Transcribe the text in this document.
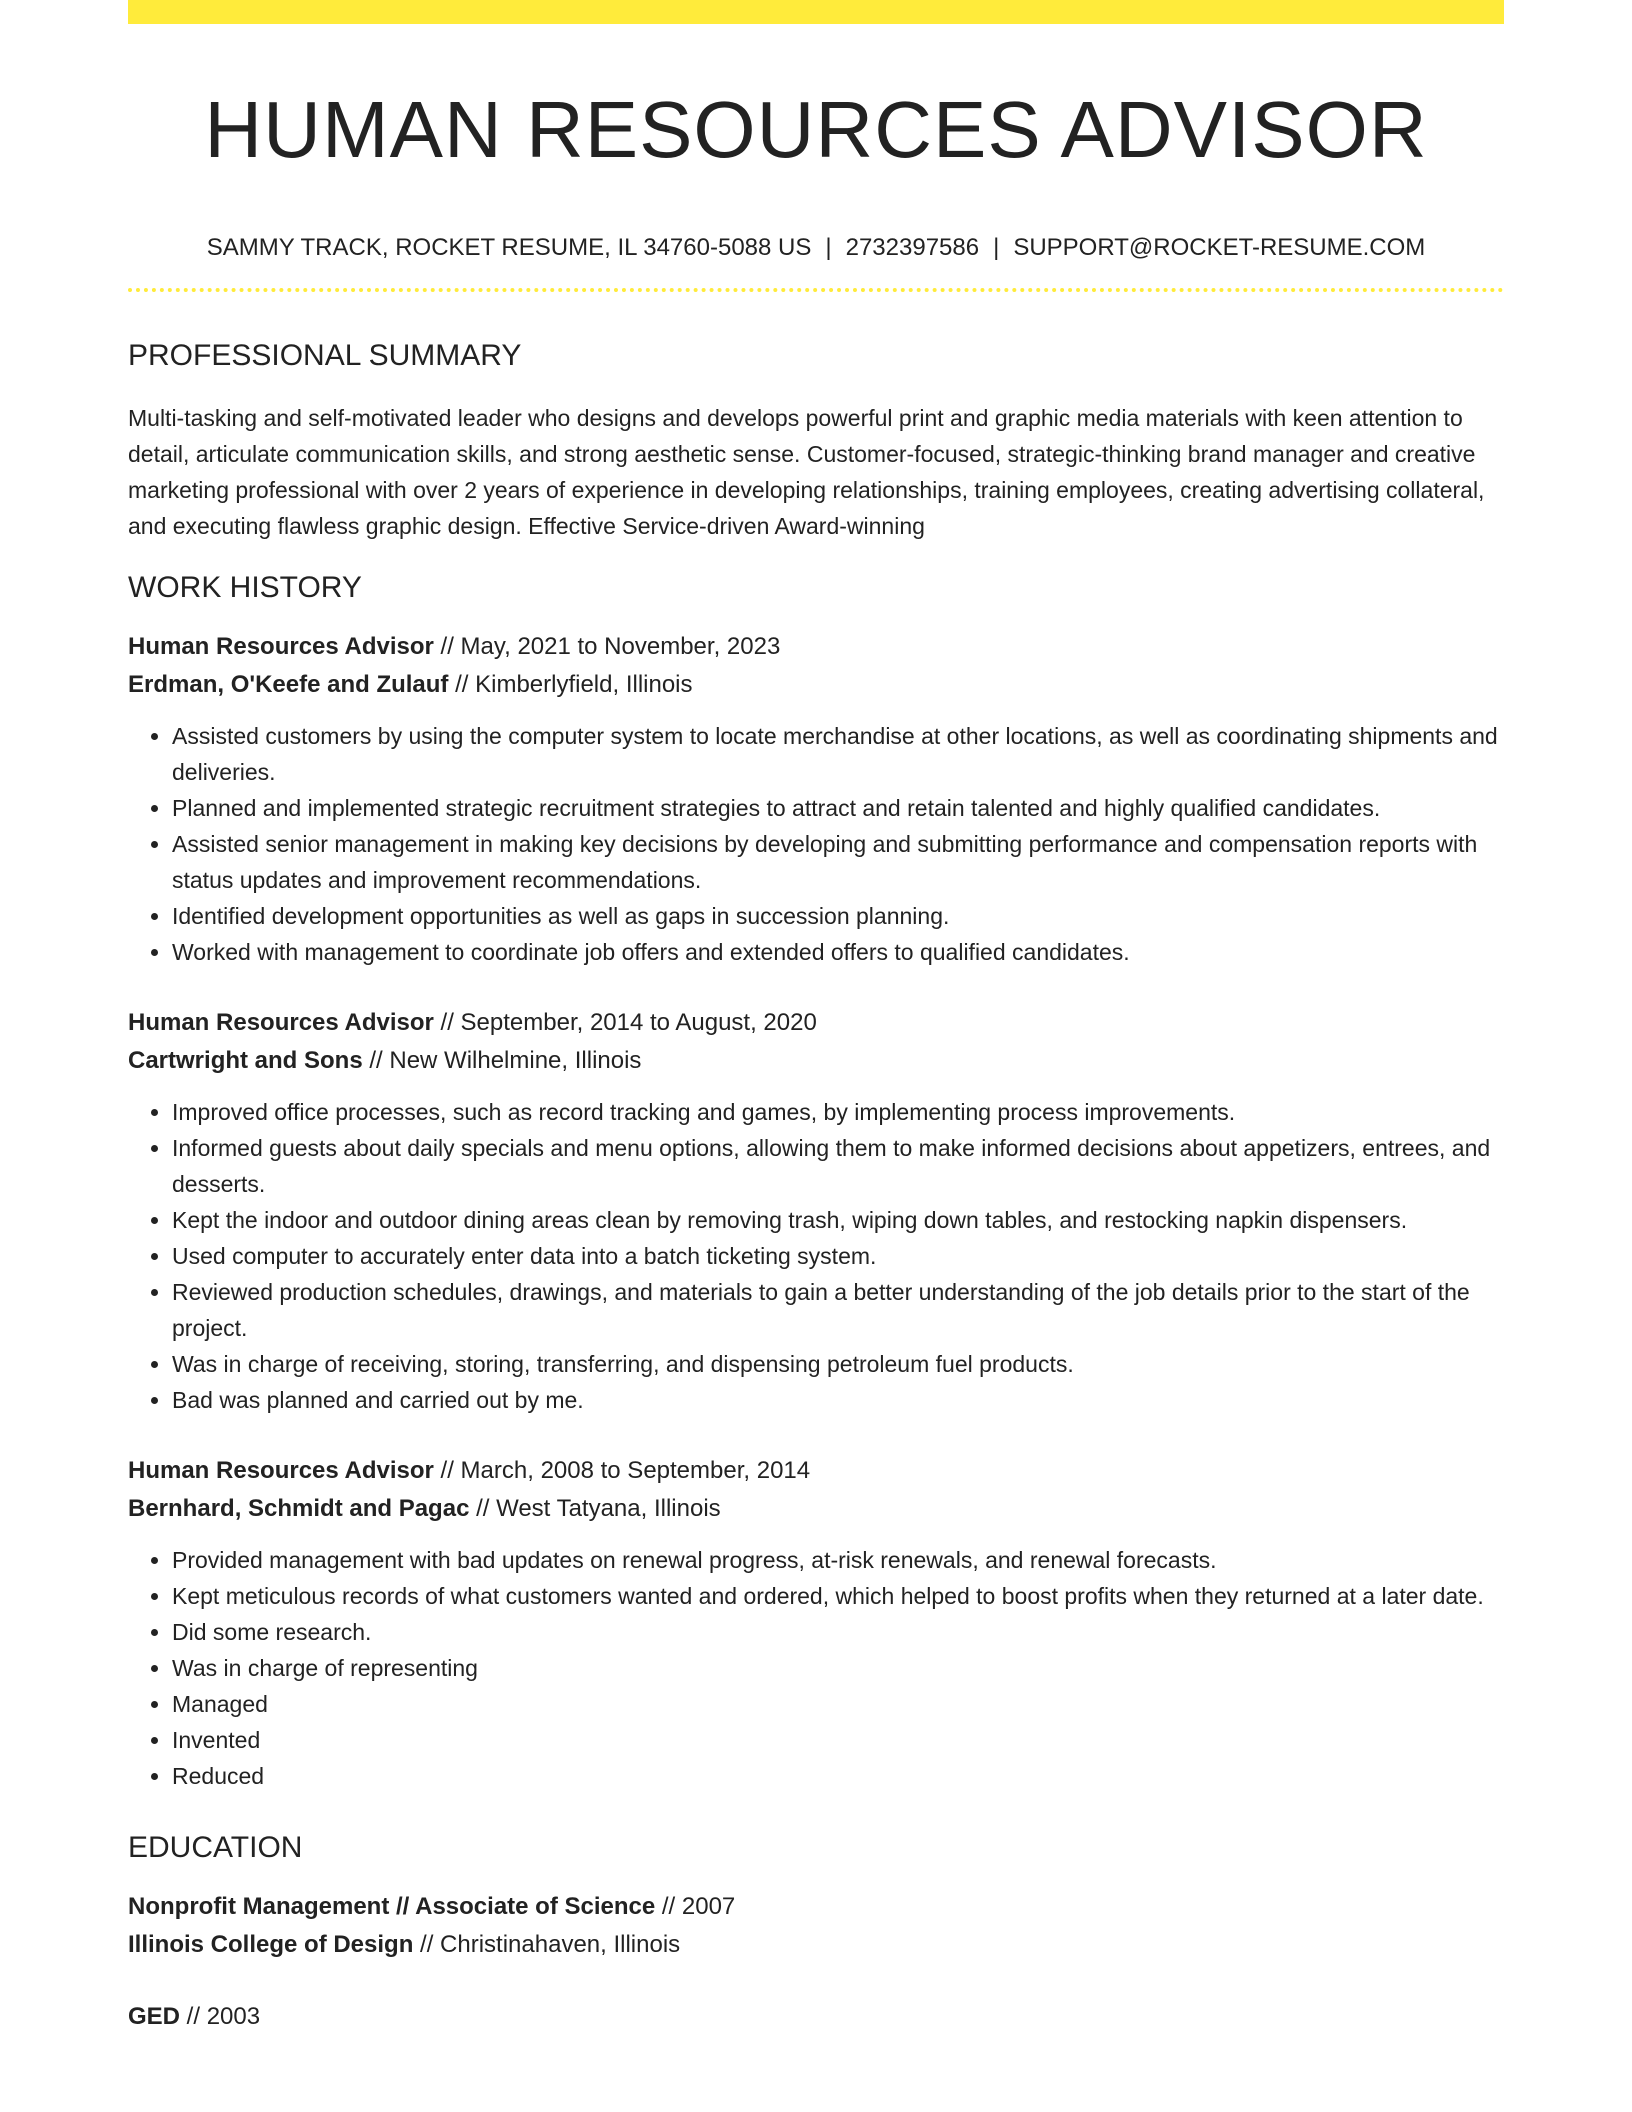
HUMAN RESOURCES ADVISOR
SAMMY TRACK, ROCKET RESUME, IL 34760-5088 US | 2732397586 | SUPPORT@ROCKET-RESUME.COM
PROFESSIONAL SUMMARY

Multi-tasking and self-motivated leader who designs and develops powerful print and graphic media materials with keen attention to detail, articulate communication skills, and strong aesthetic sense. Customer-focused, strategic-thinking brand manager and creative marketing professional with over 2 years of experience in developing relationships, training employees, creating advertising collateral, and executing flawless graphic design. Effective Service-driven Award-winning

WORK HISTORY
Human Resources Advisor // May, 2021 to November, 2023
Erdman, O'Keefe and Zulauf // Kimberlyfield, Illinois
• Assisted customers by using the computer system to locate merchandise at other locations, as well as coordinating shipments and deliveries.
• Planned and implemented strategic recruitment strategies to attract and retain talented and highly qualified candidates.
• Assisted senior management in making key decisions by developing and submitting performance and compensation reports with status updates and improvement recommendations.
• Identified development opportunities as well as gaps in succession planning.
• Worked with management to coordinate job offers and extended offers to qualified candidates.
Human Resources Advisor // September, 2014 to August, 2020
Cartwright and Sons // New Wilhelmine, Illinois
• Improved office processes, such as record tracking and games, by implementing process improvements.
• Informed guests about daily specials and menu options, allowing them to make informed decisions about appetizers, entrees, and desserts.
• Kept the indoor and outdoor dining areas clean by removing trash, wiping down tables, and restocking napkin dispensers.
• Used computer to accurately enter data into a batch ticketing system.
• Reviewed production schedules, drawings, and materials to gain a better understanding of the job details prior to the start of the project.
• Was in charge of receiving, storing, transferring, and dispensing petroleum fuel products.
• Bad was planned and carried out by me.
Human Resources Advisor // March, 2008 to September, 2014
Bernhard, Schmidt and Pagac // West Tatyana, Illinois
• Provided management with bad updates on renewal progress, at-risk renewals, and renewal forecasts.
• Kept meticulous records of what customers wanted and ordered, which helped to boost profits when they returned at a later date.
• Did some research.
• Was in charge of representing
• Managed
• Invented
• Reduced
EDUCATION
Nonprofit Management // Associate of Science // 2007
Illinois College of Design // Christinahaven, Illinois
GED // 2003
